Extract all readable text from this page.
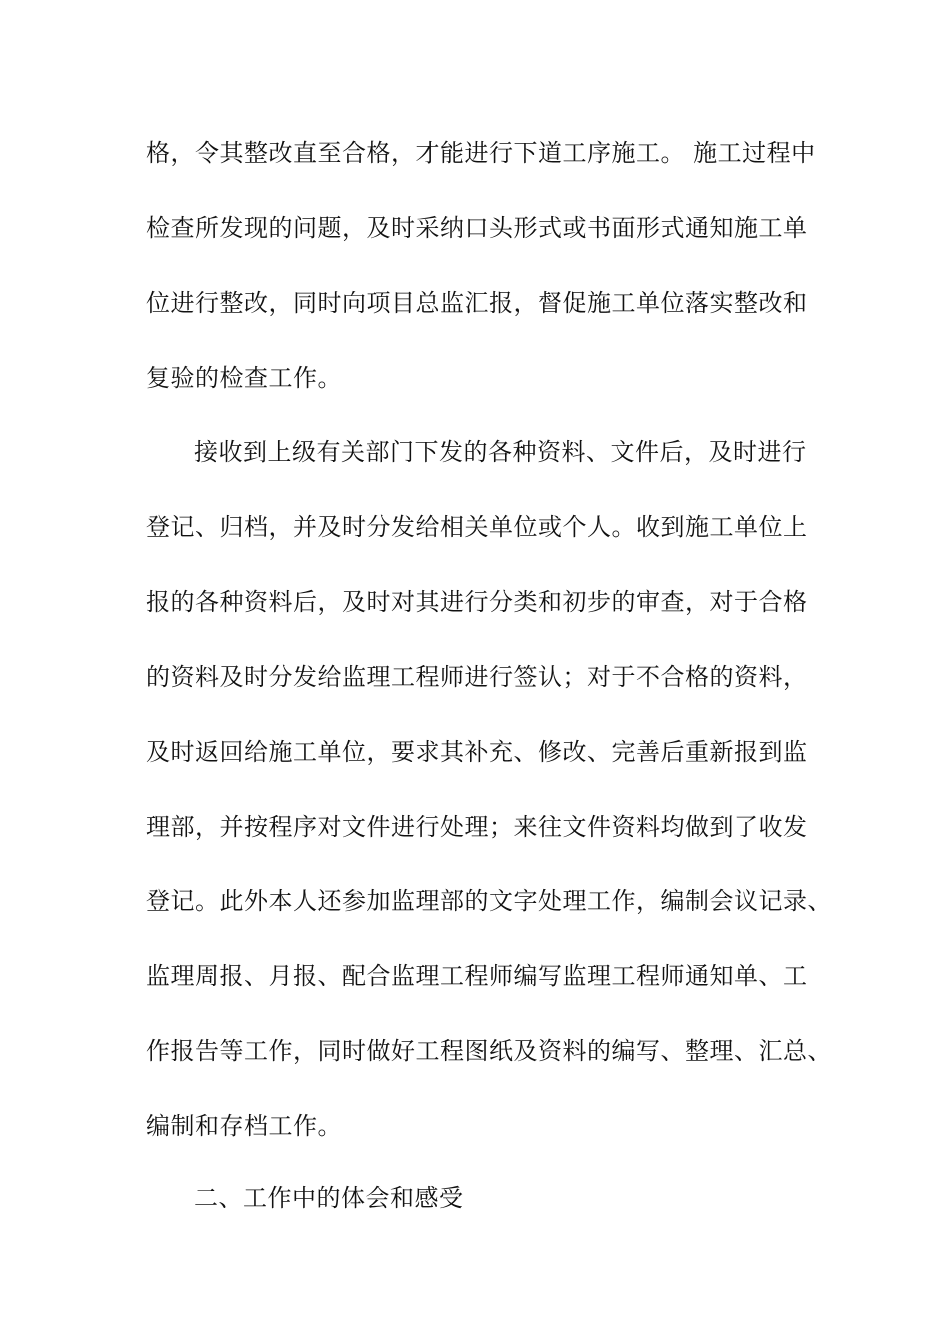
格，令其整改直至合格，才能进行下道工序施工。 施工过程中

检查所发现的问题，及时采纳口头形式或书面形式通知施工单

位进行整改，同时向项目总监汇报，督促施工单位落实整改和

复验的检查工作。

接收到上级有关部门下发的各种资料、文件后，及时进行

登记、归档，并及时分发给相关单位或个人。收到施工单位上

报的各种资料后，及时对其进行分类和初步的审查，对于合格

的资料及时分发给监理工程师进行签认；对于不合格的资料，

及时返回给施工单位，要求其补充、修改、完善后重新报到监

理部，并按程序对文件进行处理；来往文件资料均做到了收发

登记。此外本人还参加监理部的文字处理工作，编制会议记录、

监理周报、月报、配合监理工程师编写监理工程师通知单、工

作报告等工作，同时做好工程图纸及资料的编写、整理、汇总、

编制和存档工作。

二、工作中的体会和感受
